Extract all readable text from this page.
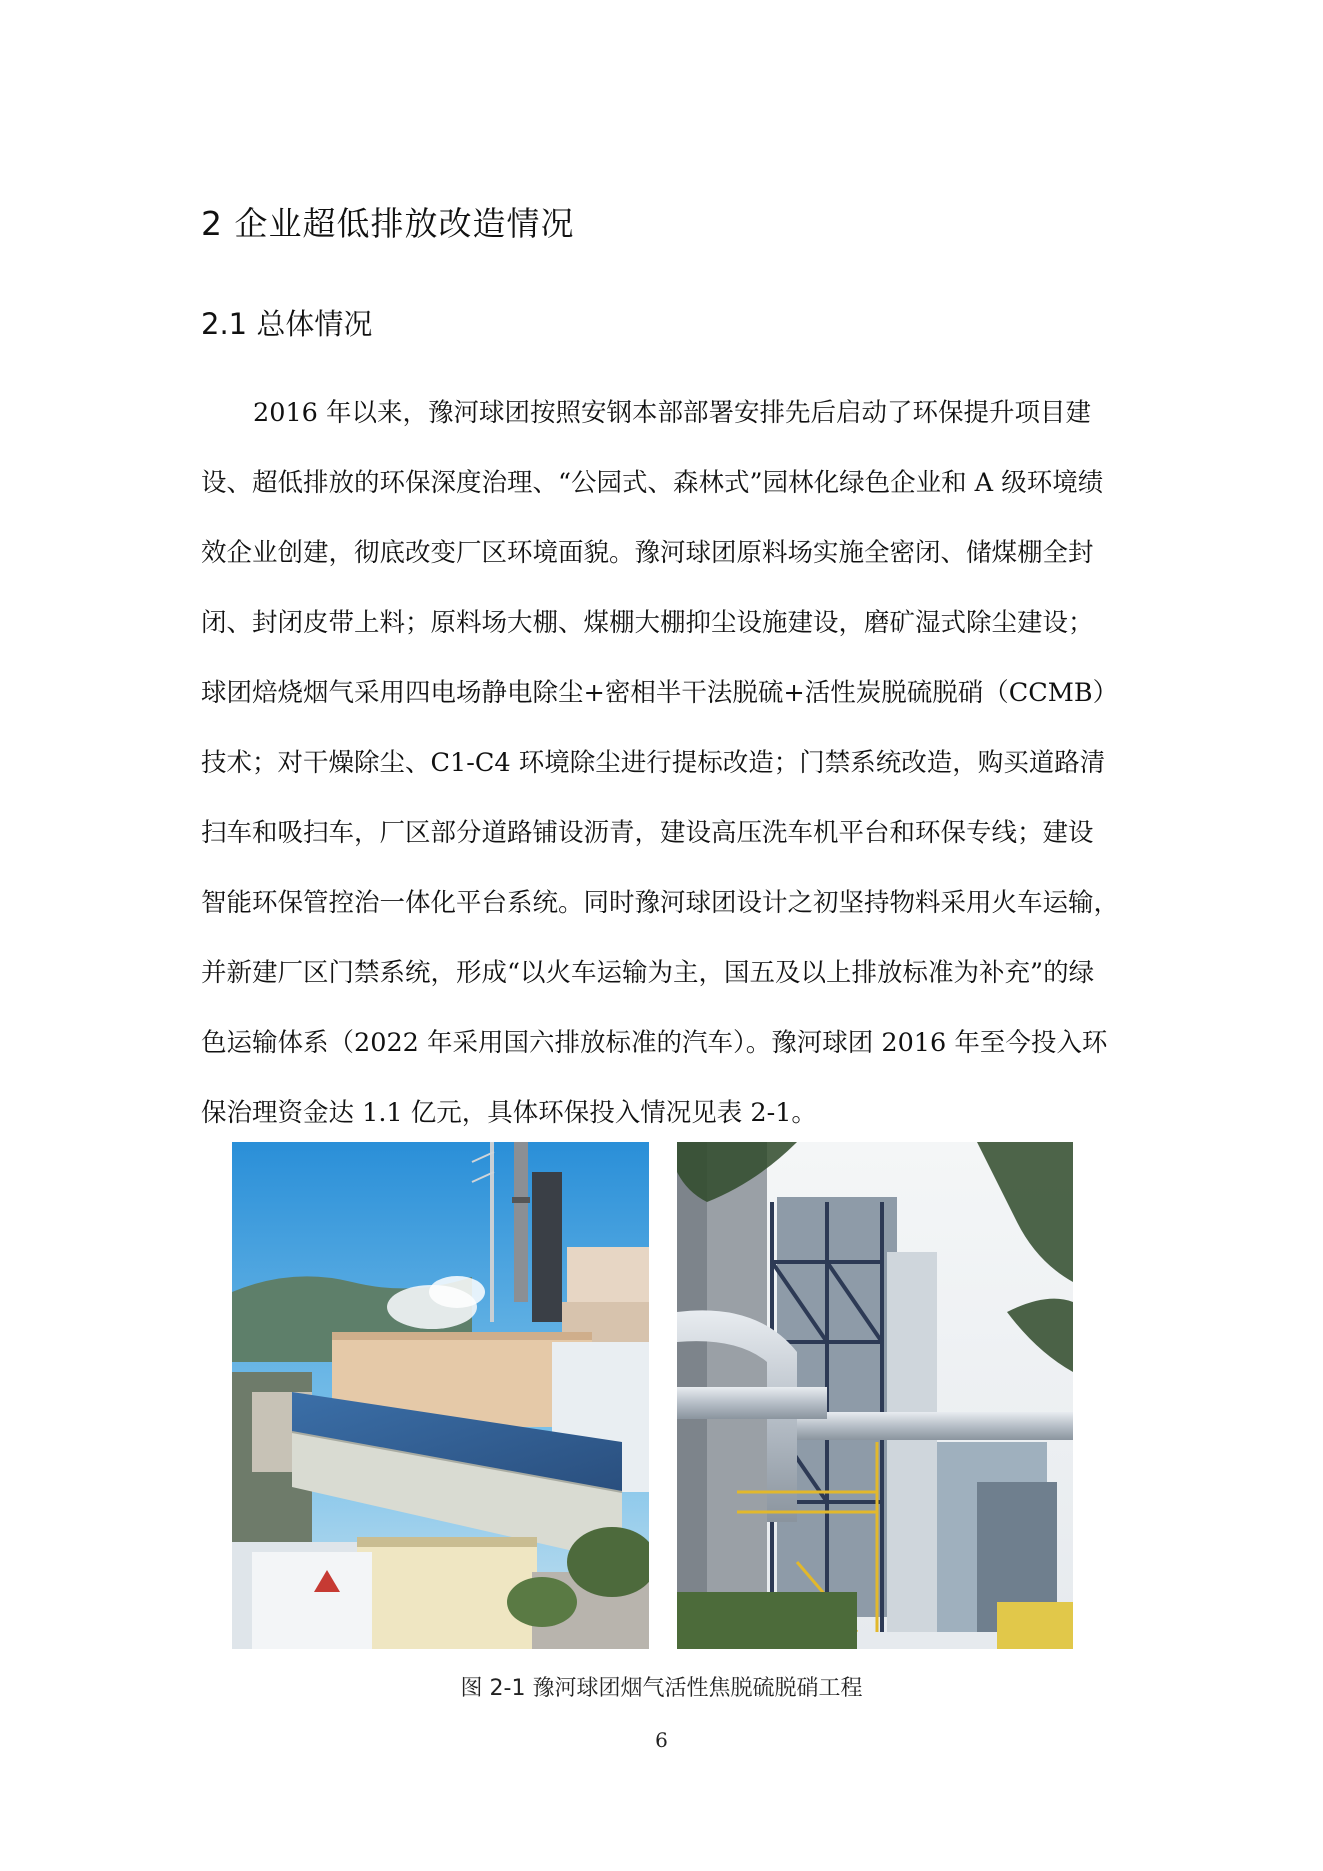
2 企业超低排放改造情况
2.1 总体情况

2016 年以来，豫河球团按照安钢本部部署安排先后启动了环保提升项目建
设、超低排放的环保深度治理、“公园式、森林式”园林化绿色企业和 A 级环境绩
效企业创建，彻底改变厂区环境面貌。豫河球团原料场实施全密闭、储煤棚全封
闭、封闭皮带上料；原料场大棚、煤棚大棚抑尘设施建设，磨矿湿式除尘建设；
球团焙烧烟气采用四电场静电除尘+密相半干法脱硫+活性炭脱硫脱硝（CCMB）
技术；对干燥除尘、C1-C4 环境除尘进行提标改造；门禁系统改造，购买道路清
扫车和吸扫车，厂区部分道路铺设沥青，建设高压洗车机平台和环保专线；建设
智能环保管控治一体化平台系统。同时豫河球团设计之初坚持物料采用火车运输，
并新建厂区门禁系统，形成“以火车运输为主，国五及以上排放标准为补充”的绿
色运输体系（2022 年采用国六排放标准的汽车）。豫河球团 2016 年至今投入环
保治理资金达 1.1 亿元，具体环保投入情况见表 2-1。

图 2-1 豫河球团烟气活性焦脱硫脱硝工程
6
